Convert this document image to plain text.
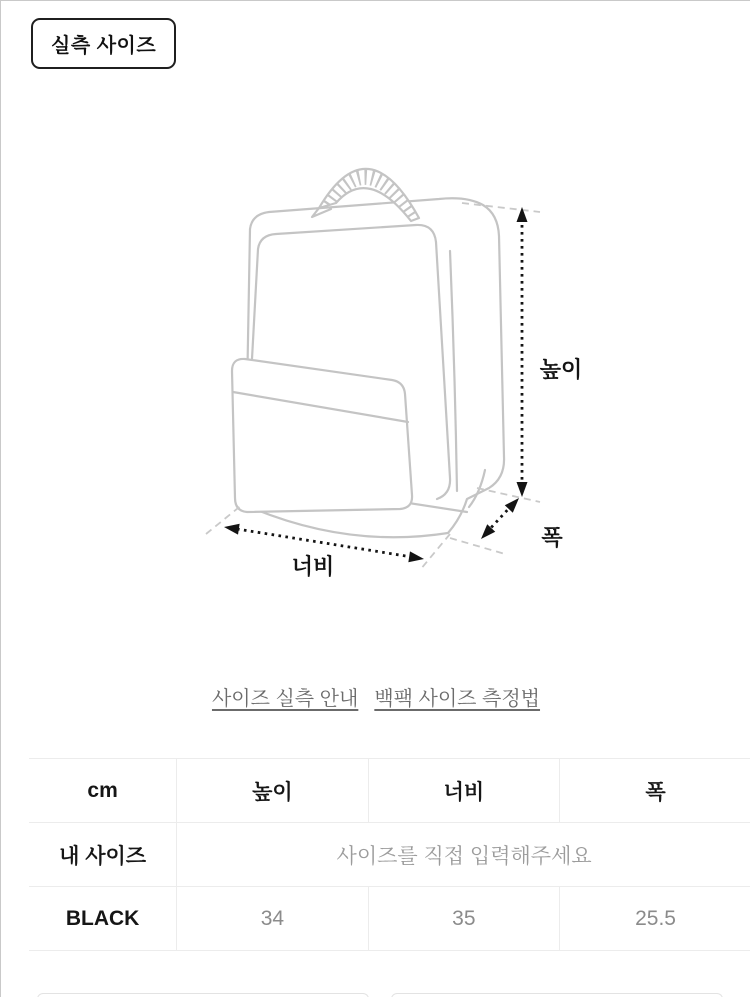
실측 사이즈
높이
폭
너비
사이즈 실측 안내 백팩 사이즈 측정법
cm	높이	너비	폭
내 사이즈	사이즈를 직접 입력해주세요		
BLACK	34	35	25.5
